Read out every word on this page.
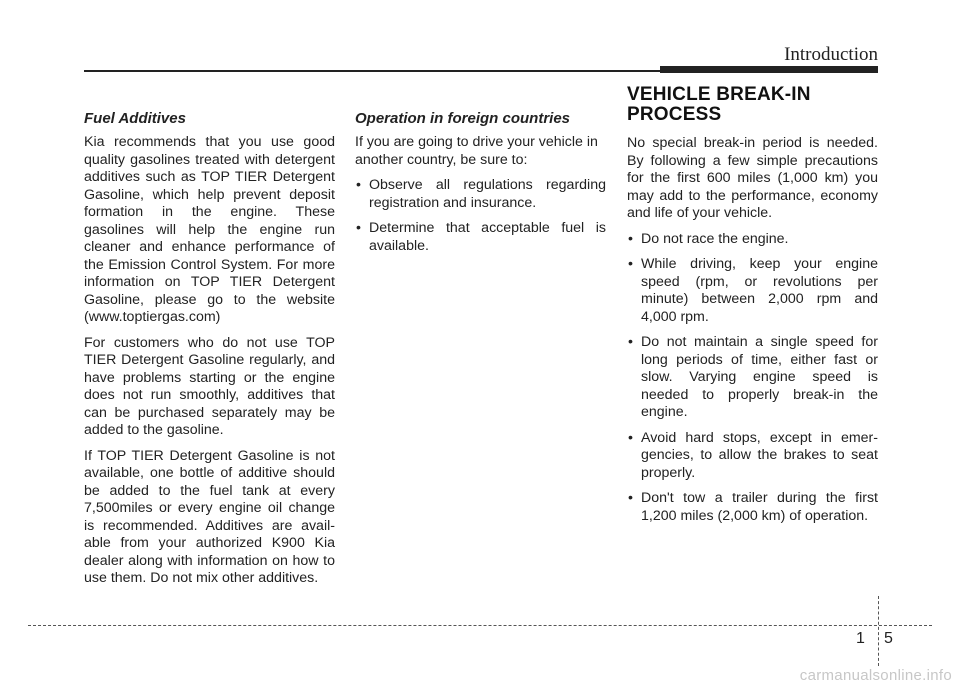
Introduction
Fuel Additives

Kia recommends that you use good quality gasolines treated with detergent additives such as TOP TIER Detergent Gasoline, which help prevent deposit formation in the engine. These gasolines will help the engine run cleaner and enhance performance of the Emission Control System. For more information on TOP TIER Detergent Gasoline, please go to the website (www.toptiergas.com)

For customers who do not use TOP TIER Detergent Gasoline regularly, and have problems starting or the engine does not run smoothly, additives that can be purchased separately may be added to the gasoline.

If TOP TIER Detergent Gasoline is not available, one bottle of additive should be added to the fuel tank at every 7,500miles or every engine oil change is recommended. Additives are available from your authorized K900 Kia dealer along with information on how to use them. Do not mix other additives.

Operation in foreign countries

If you are going to drive your vehicle in another country, be sure to:

• Observe all regulations regarding registration and insurance.
• Determine that acceptable fuel is available.
VEHICLE BREAK-IN
PROCESS

No special break-in period is needed. By following a few simple precautions for the first 600 miles (1,000 km) you may add to the performance, economy and life of your vehicle.

• Do not race the engine.
• While driving, keep your engine speed (rpm, or revolutions per minute) between 2,000 rpm and 4,000 rpm.
• Do not maintain a single speed for long periods of time, either fast or slow. Varying engine speed is needed to properly break-in the engine.
• Avoid hard stops, except in emergencies, to allow the brakes to seat properly.
• Don't tow a trailer during the first 1,200 miles (2,000 km) of operation.
1 5
carmanualsonline.info
